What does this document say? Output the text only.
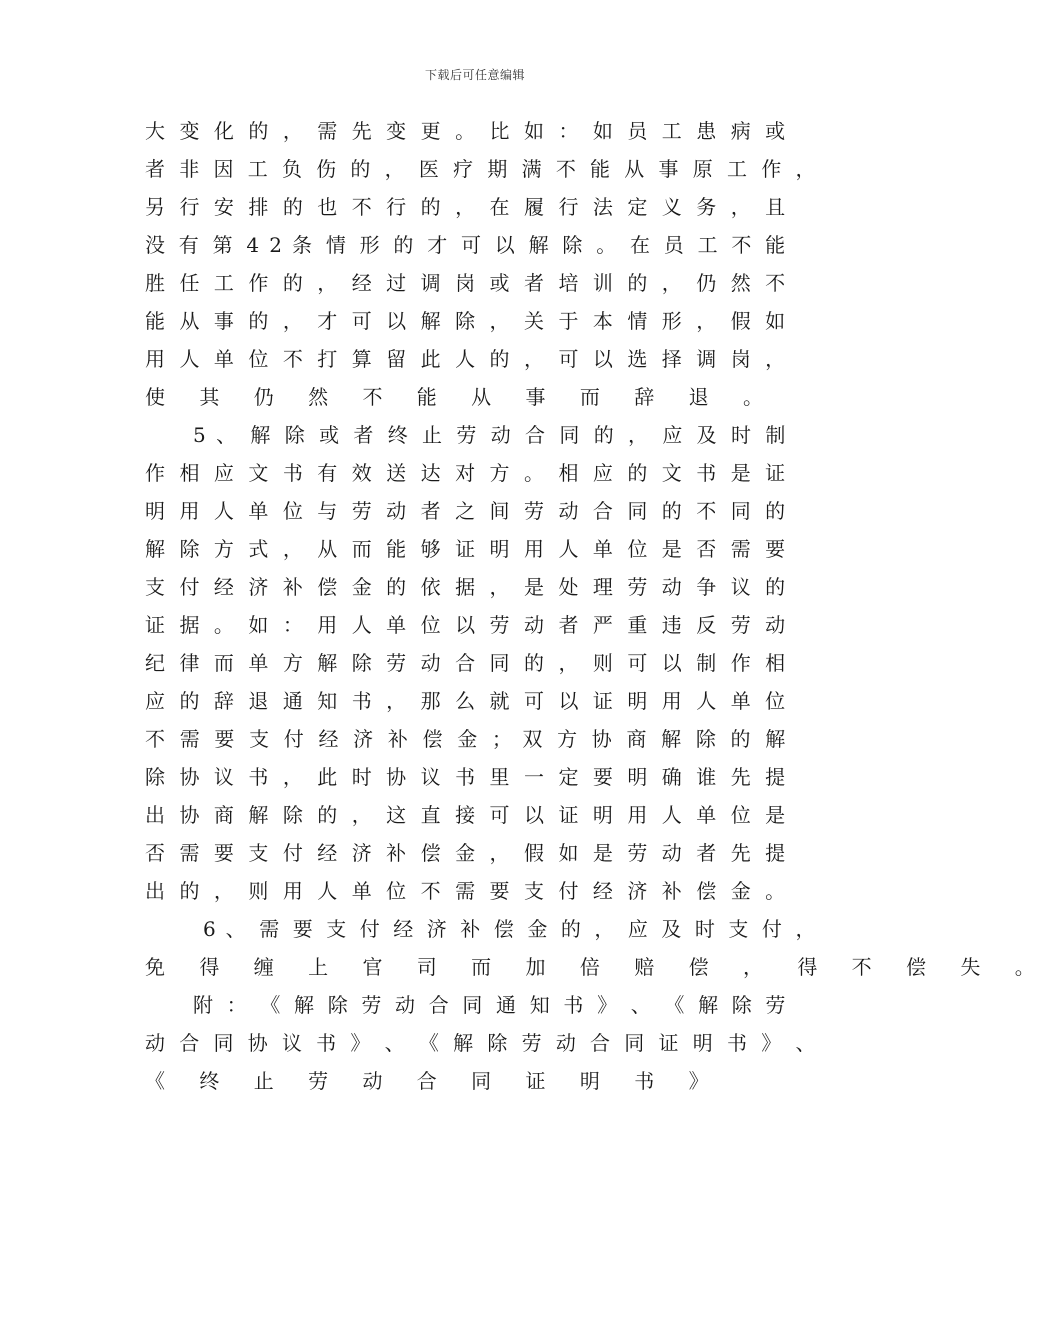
下载后可任意编辑
大 变 化 的 ， 需 先 变 更 。 比 如 ： 如 员 工 患 病 或
者 非 因 工 负 伤 的 ， 医 疗 期 满 不 能 从 事 原 工 作 ，
另 行 安 排 的 也 不 行 的 ， 在 履 行 法 定 义 务 ， 且
没 有 第 4 2 条 情 形 的 才 可 以 解 除 。 在 员 工 不 能
胜 任 工 作 的 ， 经 过 调 岗 或 者 培 训 的 ， 仍 然 不
能 从 事 的 ， 才 可 以 解 除 ， 关 于 本 情 形 ， 假 如
用 人 单 位 不 打 算 留 此 人 的 ， 可 以 选 择 调 岗 ，
使 其 仍 然 不 能 从 事 而 辞 退 。
5 、 解 除 或 者 终 止 劳 动 合 同 的 ， 应 及 时 制
作 相 应 文 书 有 效 送 达 对 方 。 相 应 的 文 书 是 证
明 用 人 单 位 与 劳 动 者 之 间 劳 动 合 同 的 不 同 的
解 除 方 式 ， 从 而 能 够 证 明 用 人 单 位 是 否 需 要
支 付 经 济 补 偿 金 的 依 据 ， 是 处 理 劳 动 争 议 的
证 据 。 如 ： 用 人 单 位 以 劳 动 者 严 重 违 反 劳 动
纪 律 而 单 方 解 除 劳 动 合 同 的 ， 则 可 以 制 作 相
应 的 辞 退 通 知 书 ， 那 么 就 可 以 证 明 用 人 单 位
不 需 要 支 付 经 济 补 偿 金 ； 双 方 协 商 解 除 的 解
除 协 议 书 ， 此 时 协 议 书 里 一 定 要 明 确 谁 先 提
出 协 商 解 除 的 ， 这 直 接 可 以 证 明 用 人 单 位 是
否 需 要 支 付 经 济 补 偿 金 ， 假 如 是 劳 动 者 先 提
出 的 ， 则 用 人 单 位 不 需 要 支 付 经 济 补 偿 金 。
6 、 需 要 支 付 经 济 补 偿 金 的 ， 应 及 时 支 付 ，
免 得 缠 上 官 司 而 加 倍 赔 偿 ， 得 不 偿 失 。
附 ： 《 解 除 劳 动 合 同 通 知 书 》 、 《 解 除 劳
动 合 同 协 议 书 》 、 《 解 除 劳 动 合 同 证 明 书 》 、
《 终 止 劳 动 合 同 证 明 书 》
